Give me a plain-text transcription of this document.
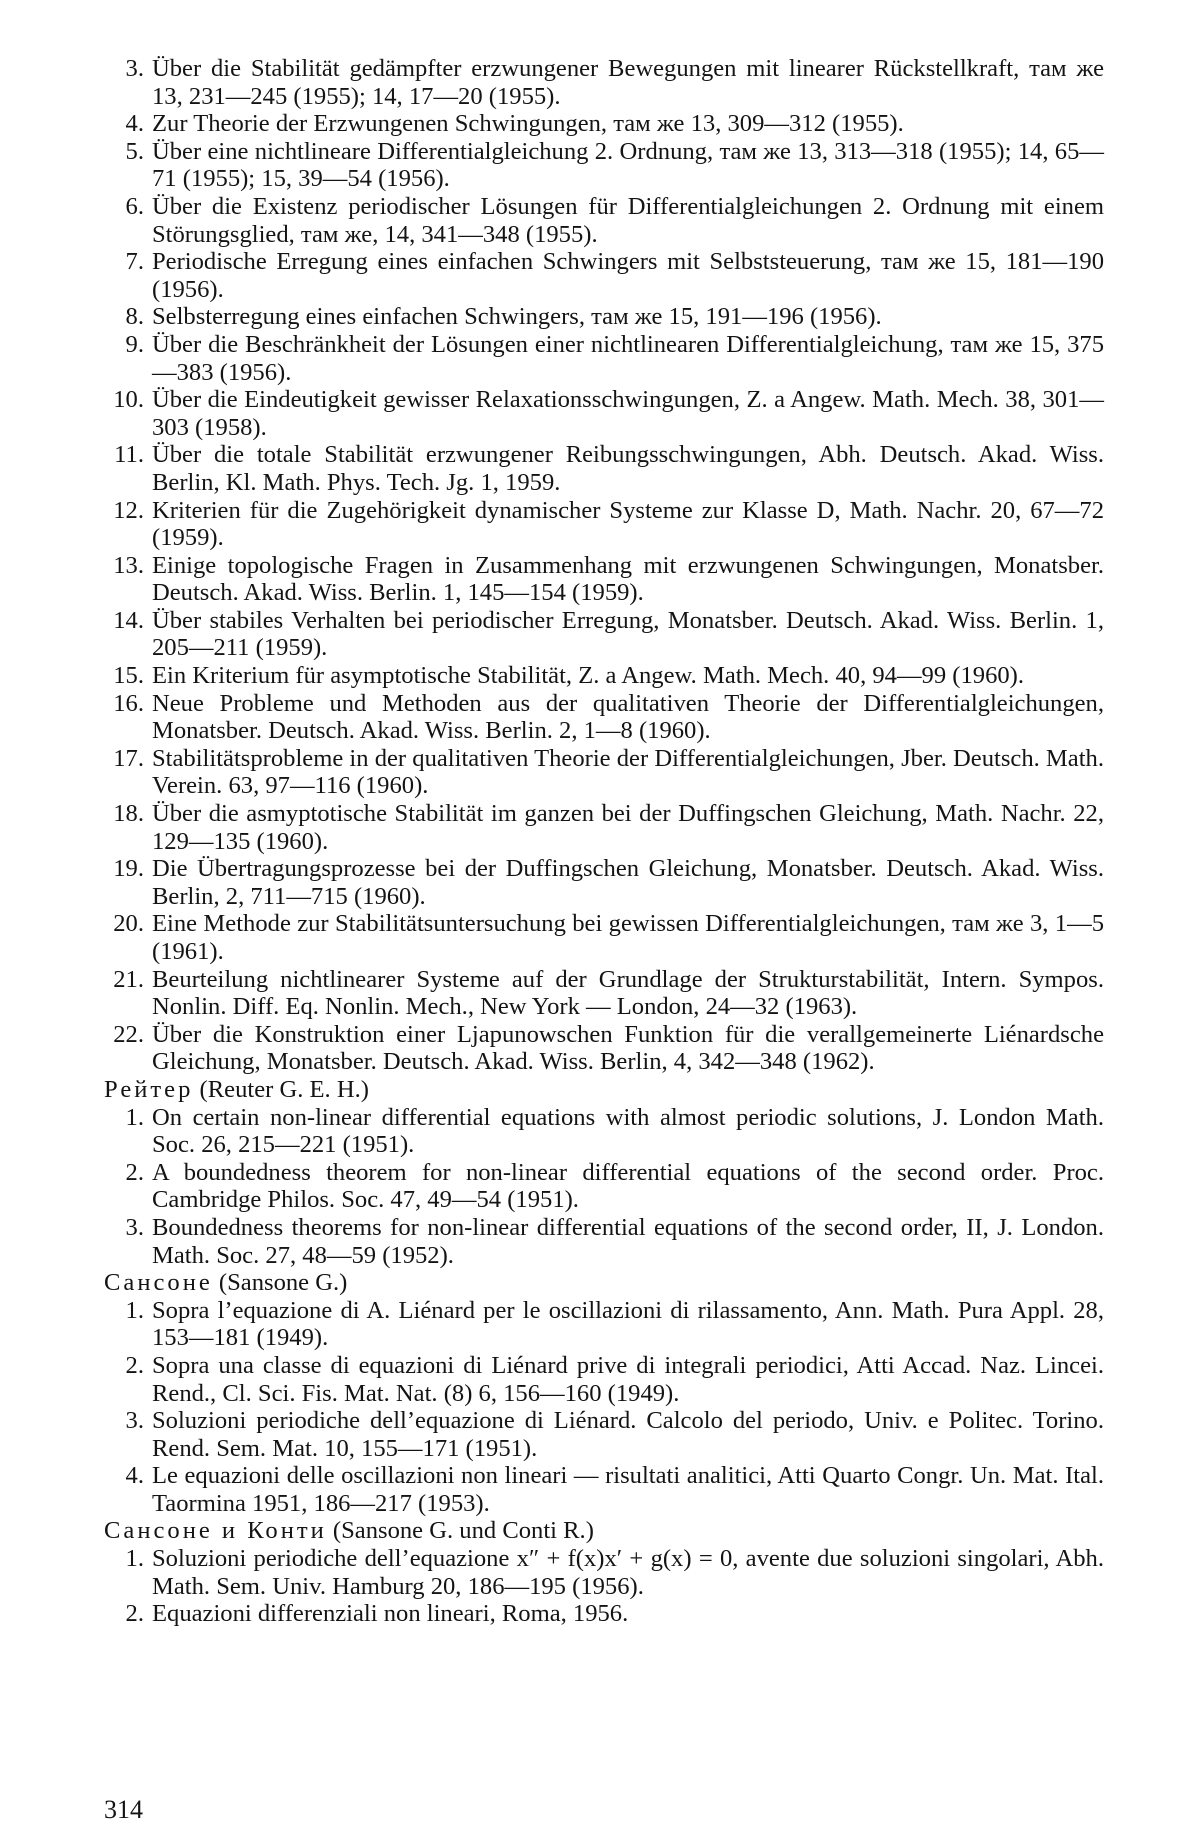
3. Über die Stabilität gedämpfter erzwungener Bewegungen mit linearer Rückstellkraft, там же 13, 231—245 (1955); 14, 17—20 (1955).
4. Zur Theorie der Erzwungenen Schwingungen, там же 13, 309—312 (1955).
5. Über eine nichtlineare Differentialgleichung 2. Ordnung, там же 13, 313—318 (1955); 14, 65—71 (1955); 15, 39—54 (1956).
6. Über die Existenz periodischer Lösungen für Differentialgleichungen 2. Ordnung mit einem Störungsglied, там же, 14, 341—348 (1955).
7. Periodische Erregung eines einfachen Schwingers mit Selbststeuerung, там же 15, 181—190 (1956).
8. Selbsterregung eines einfachen Schwingers, там же 15, 191—196 (1956).
9. Über die Beschränkheit der Lösungen einer nichtlinearen Differentialgleichung, там же 15, 375—383 (1956).
10. Über die Eindeutigkeit gewisser Relaxationsschwingungen, Z. a Angew. Math. Mech. 38, 301—303 (1958).
11. Über die totale Stabilität erzwungener Reibungsschwingungen, Abh. Deutsch. Akad. Wiss. Berlin, Kl. Math. Phys. Tech. Jg. 1, 1959.
12. Kriterien für die Zugehörigkeit dynamischer Systeme zur Klasse D, Math. Nachr. 20, 67—72 (1959).
13. Einige topologische Fragen in Zusammenhang mit erzwungenen Schwingungen, Monatsber. Deutsch. Akad. Wiss. Berlin. 1, 145—154 (1959).
14. Über stabiles Verhalten bei periodischer Erregung, Monatsber. Deutsch. Akad. Wiss. Berlin. 1, 205—211 (1959).
15. Ein Kriterium für asymptotische Stabilität, Z. a Angew. Math. Mech. 40, 94—99 (1960).
16. Neue Probleme und Methoden aus der qualitativen Theorie der Differentialgleichungen, Monatsber. Deutsch. Akad. Wiss. Berlin. 2, 1—8 (1960).
17. Stabilitätsprobleme in der qualitativen Theorie der Differentialgleichungen, Jber. Deutsch. Math. Verein. 63, 97—116 (1960).
18. Über die asmyptotische Stabilität im ganzen bei der Duffingschen Gleichung, Math. Nachr. 22, 129—135 (1960).
19. Die Übertragungsprozesse bei der Duffingschen Gleichung, Monatsber. Deutsch. Akad. Wiss. Berlin, 2, 711—715 (1960).
20. Eine Methode zur Stabilitätsuntersuchung bei gewissen Differentialgleichungen, там же 3, 1—5 (1961).
21. Beurteilung nichtlinearer Systeme auf der Grundlage der Strukturstabilität, Intern. Sympos. Nonlin. Diff. Eq. Nonlin. Mech., New York — London, 24—32 (1963).
22. Über die Konstruktion einer Ljapunowschen Funktion für die verallgemeinerte Liénardsche Gleichung, Monatsber. Deutsch. Akad. Wiss. Berlin, 4, 342—348 (1962).
Рейтер (Reuter G. E. H.)
1. On certain non-linear differential equations with almost periodic solutions, J. London Math. Soc. 26, 215—221 (1951).
2. A boundedness theorem for non-linear differential equations of the second order. Proc. Cambridge Philos. Soc. 47, 49—54 (1951).
3. Boundedness theorems for non-linear differential equations of the second order, II, J. London. Math. Soc. 27, 48—59 (1952).
Сансоне (Sansone G.)
1. Sopra l’equazione di A. Liénard per le oscillazioni di rilassamento, Ann. Math. Pura Appl. 28, 153—181 (1949).
2. Sopra una classe di equazioni di Liénard prive di integrali periodici, Atti Accad. Naz. Lincei. Rend., Cl. Sci. Fis. Mat. Nat. (8) 6, 156—160 (1949).
3. Soluzioni periodiche dell’equazione di Liénard. Calcolo del periodo, Univ. e Politec. Torino. Rend. Sem. Mat. 10, 155—171 (1951).
4. Le equazioni delle oscillazioni non lineari — risultati analitici, Atti Quarto Congr. Un. Mat. Ital. Taormina 1951, 186—217 (1953).
Сансоне и Конти (Sansone G. und Conti R.)
1. Soluzioni periodiche dell’equazione x″ + f(x)x′ + g(x) = 0, avente due soluzioni singolari, Abh. Math. Sem. Univ. Hamburg 20, 186—195 (1956).
2. Equazioni differenziali non lineari, Roma, 1956.
314
